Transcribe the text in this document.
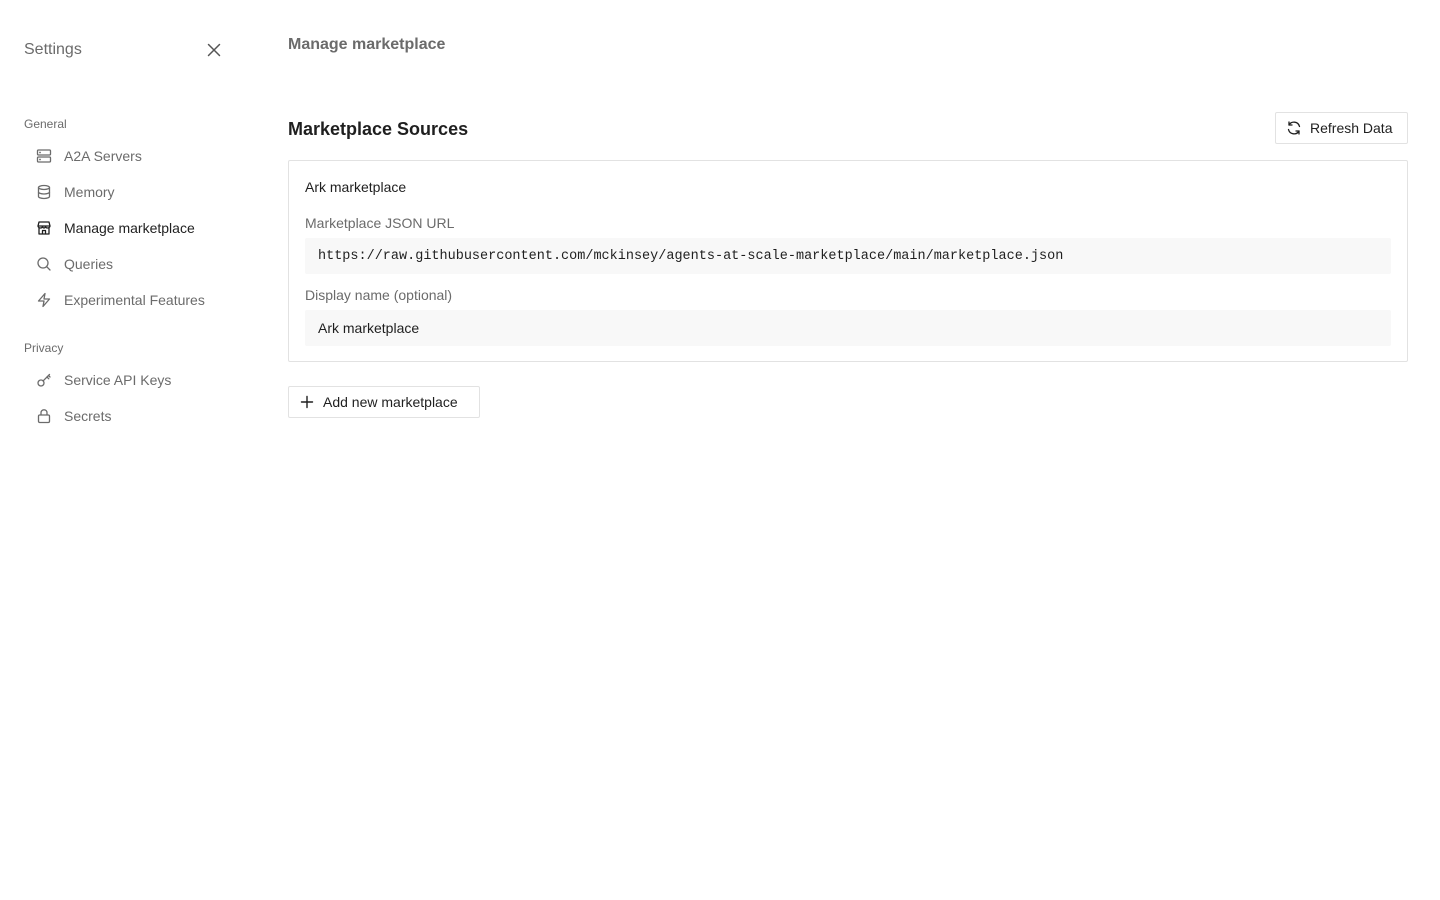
Settings
General
A2A Servers
Memory
Manage marketplace
Queries
Experimental Features
Privacy
Service API Keys
Secrets
Manage marketplace
Marketplace Sources	Refresh Data
Ark marketplace
Marketplace JSON URL
https://raw.githubusercontent.com/mckinsey/agents-at-scale-marketplace/main/marketplace.json
Display name (optional)
Ark marketplace
Add new marketplace
